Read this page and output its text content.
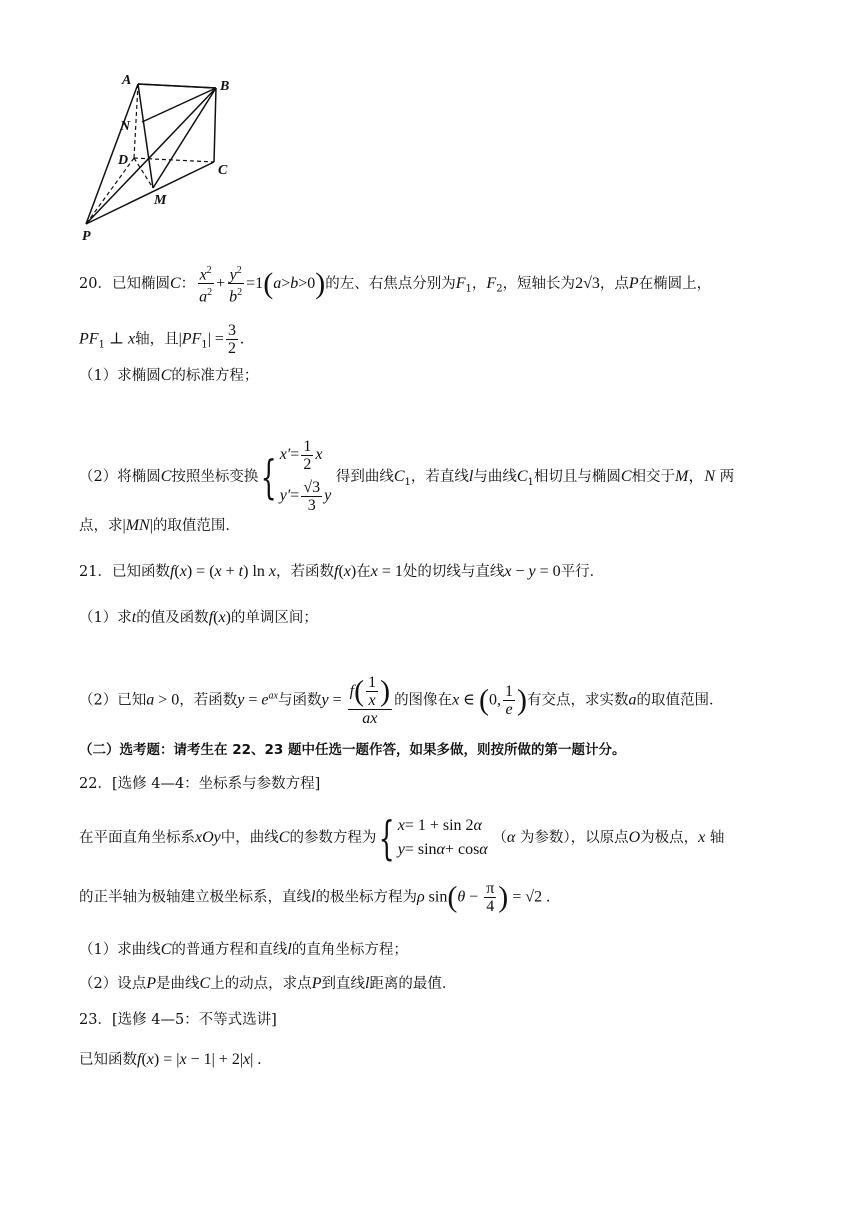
A	B
N
D
C
M
P
20．已知椭圆C： $\frac{x^2}{a^2} + \frac{y^2}{b^2} =1(a>b>0)$的左、右焦点分别为$F_1$，$F_2$，短轴长为2√3，点P在椭圆上，
$PF_1$ ⊥ x轴，且$|PF_1| = \frac{3}{2}$ .
（1）求椭圆C的标准方程；
（2）将椭圆C按照坐标变换{ $x' = \frac{1}{2}$ x
$y' = \frac{√3}{3}$ y
得到曲线$C_1$，若直线l与曲线$C_1$相切且与椭圆C相交于M，N 两
点，求|MN|的取值范围．
21．已知函数f(x) = (x + t) ln x，若函数f(x)在x = 1处的切线与直线x − y = 0平行．
（1）求t的值及函数f(x)的单调区间；
（2）已知a > 0，若函数$y = e^{ax}$与函数$y = \frac{f( \frac{1}{x} )}{ax}$ 的图像在x ∈ (0, $\frac{1}{e}$ )有交点，求实数a的取值范围．
（二）选考题：请考生在 22、23 题中任选一题作答，如果多做，则按所做的第一题计分。
22．[选修 4—4：坐标系与参数方程]
在平面直角坐标系xOy中，曲线C的参数方程为{ x = 1 + sin 2 α
y = sin α + cos α
（α 为参数），以原点O为极点，x 轴
的正半轴为极轴建立极坐标系，直线l的极坐标方程为ρ $\sin(\theta - \frac{\pi}{4}$ ) = √2 .
（1）求曲线C的普通方程和直线l的直角坐标方程；
（2）设点P是曲线C上的动点，求点P到直线l距离的最值．
23．[选修 4—5：不等式选讲]
已知函数f(x) = |x − 1| + 2|x| .
